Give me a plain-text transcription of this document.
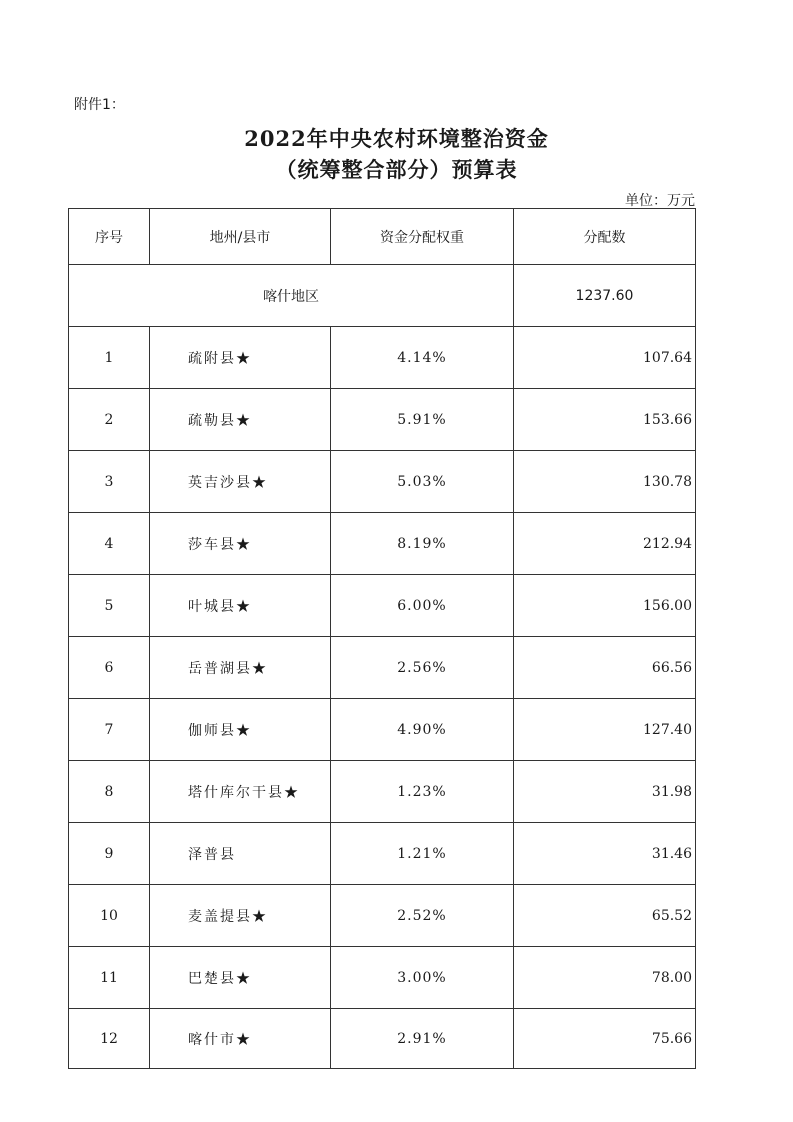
附件1：
2022年中央农村环境整治资金
（统筹整合部分）预算表
单位：万元
序号	地州/县市	资金分配权重	分配数
喀什地区			1237.60
1	疏附县★	4.14%	107.64
2	疏勒县★	5.91%	153.66
3	英吉沙县★	5.03%	130.78
4	莎车县★	8.19%	212.94
5	叶城县★	6.00%	156.00
6	岳普湖县★	2.56%	66.56
7	伽师县★	4.90%	127.40
8	塔什库尔干县★	1.23%	31.98
9	泽普县	1.21%	31.46
10	麦盖提县★	2.52%	65.52
11	巴楚县★	3.00%	78.00
12	喀什市★	2.91%	75.66
